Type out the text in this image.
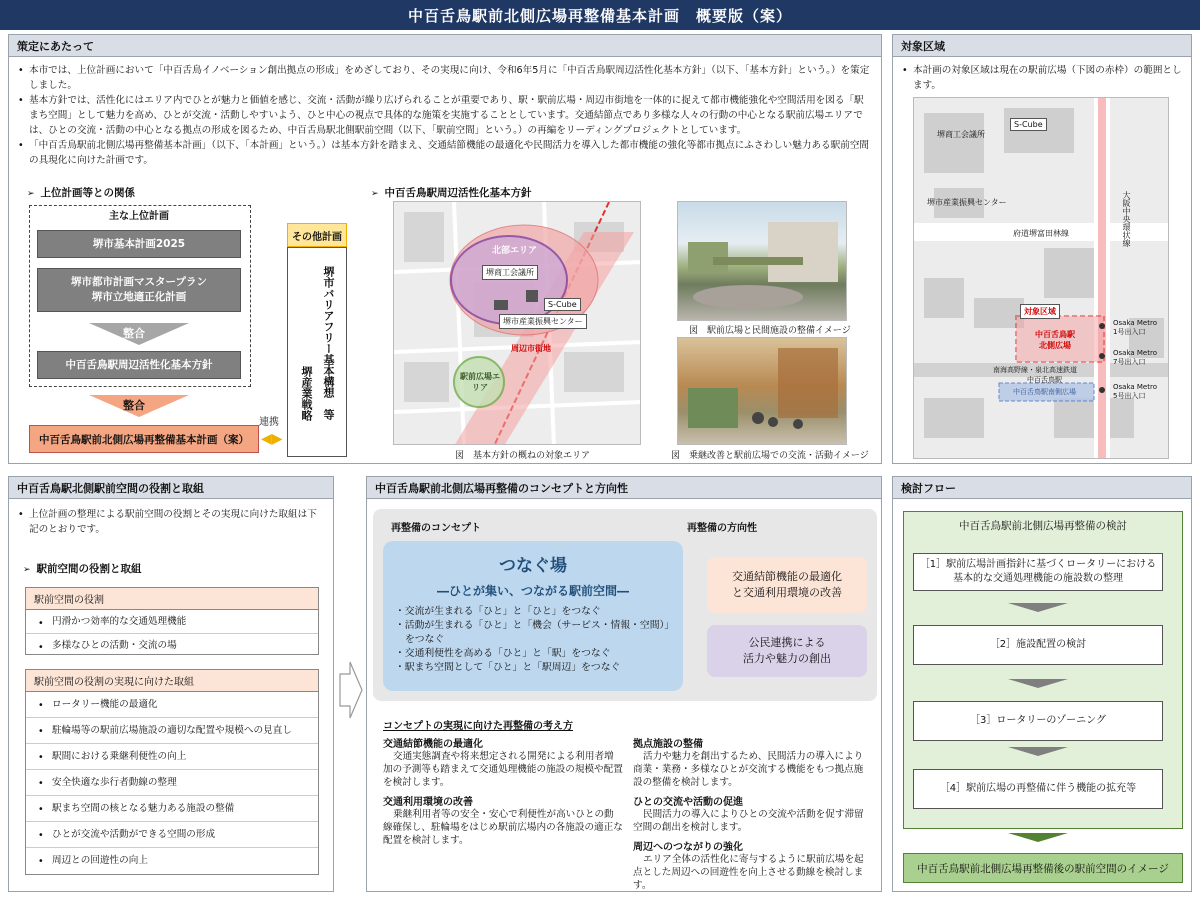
中百舌鳥駅前北側広場再整備基本計画　概要版（案）
策定にあたって
• 本市では、上位計画において「中百舌鳥イノベーション創出拠点の形成」をめざしており、その実現に向け、令和6年5月に「中百舌鳥駅周辺活性化基本方針」（以下、「基本方針」という。）を策定しました。
• 基本方針では、活性化にはエリア内でひとが魅力と価値を感じ、交流・活動が繰り広げられることが重要であり、駅・駅前広場・周辺市街地を一体的に捉えて都市機能強化や空間活用を図る「駅まち空間」として魅力を高め、ひとが交流・活動しやすいよう、ひと中心の視点で具体的な施策を実施することとしています。交通結節点であり多様な人々の行動の中心となる駅前広場エリアでは、ひとの交流・活動の中心となる拠点の形成を図るため、中百舌鳥駅北側駅前空間（以下、「駅前空間」という。）の再編をリーディングプロジェクトとしています。
• 「中百舌鳥駅前北側広場再整備基本計画」（以下、「本計画」という。）は基本方針を踏まえ、交通結節機能の最適化や民間活力を導入した都市機能の強化等都市拠点にふさわしい魅力ある駅前空間の具現化に向けた計画です。
➢ 上位計画等との関係
主な上位計画
堺市基本計画2025
堺市都市計画マスタープラン
堺市立地適正化計画
整合
中百舌鳥駅周辺活性化基本方針
整合
中百舌鳥駅前北側広場再整備基本計画（案）
連携
◀▶
その他計画
堺市バリアフリー基本構想　等
堺産業戦略
➢ 中百舌鳥駅周辺活性化基本方針
北部エリア
堺商工会議所
S-Cube
堺市産業振興センター
周辺市街地
駅前広場エリア
図　基本方針の概ねの対象エリア
図　駅前広場と民間施設の整備イメージ
図　乗継改善と駅前広場での交流・活動イメージ
対象区域
• 本計画の対象区域は現在の駅前広場（下図の赤枠）の範囲とします。
S-Cube
堺商工会議所
堺市産業振興センター
府道堺富田林線	大阪中央環状線
対象区域
中百舌鳥駅
北側広場
Osaka Metro
1号出入口
Osaka Metro
7号出入口
Osaka Metro
5号出入口
南海高野線・泉北高速鉄道
中百舌鳥駅
中百舌鳥駅南側広場
中百舌鳥駅北側駅前空間の役割と取組
• 上位計画の整理による駅前空間の役割とその実現に向けた取組は下記のとおりです。
➢ 駅前空間の役割と取組
駅前空間の役割
• 円滑かつ効率的な交通処理機能
• 多様なひとの活動・交流の場
駅前空間の役割の実現に向けた取組
• ロータリー機能の最適化
• 駐輪場等の駅前広場施設の適切な配置や規模への見直し
• 駅間における乗継利便性の向上
• 安全快適な歩行者動線の整理
• 駅まち空間の核となる魅力ある施設の整備
• ひとが交流や活動ができる空間の形成
• 周辺との回遊性の向上
中百舌鳥駅前北側広場再整備のコンセプトと方向性
再整備のコンセプト	再整備の方向性
つなぐ場
―ひとが集い、つながる駅前空間―
・交流が生まれる「ひと」と「ひと」をつなぐ
・活動が生まれる「ひと」と「機会（サービス・情報・空間）」をつなぐ
・交通利便性を高める「ひと」と「駅」をつなぐ
・駅まち空間として「ひと」と「駅周辺」をつなぐ
交通結節機能の最適化
と交通利用環境の改善
公民連携による
活力や魅力の創出
コンセプトの実現に向けた再整備の考え方
交通結節機能の最適化

交通実態調査や将来想定される開発による利用者増加の予測等も踏まえて交通処理機能の施設の規模や配置を検討します。

交通利用環境の改善

乗継利用者等の安全・安心で利便性が高いひとの動線確保し、駐輪場をはじめ駅前広場内の各施設の適正な配置を検討します。

拠点施設の整備

活力や魅力を創出するため、民間活力の導入により商業・業務・多様なひとが交流する機能をもつ拠点施設の整備を検討します。

ひとの交流や活動の促進

民間活力の導入によりひとの交流や活動を促す滞留空間の創出を検討します。

周辺へのつながりの強化

エリア全体の活性化に寄与するように駅前広場を起点とした周辺への回遊性を向上させる動線を検討します。

検討フロー
中百舌鳥駅前北側広場再整備の検討
［1］駅前広場計画指針に基づくロータリーにおける
基本的な交通処理機能の施設数の整理
［2］施設配置の検討
［3］ロータリーのゾーニング
［4］駅前広場の再整備に伴う機能の拡充等
中百舌鳥駅前北側広場再整備後の駅前空間のイメージ
